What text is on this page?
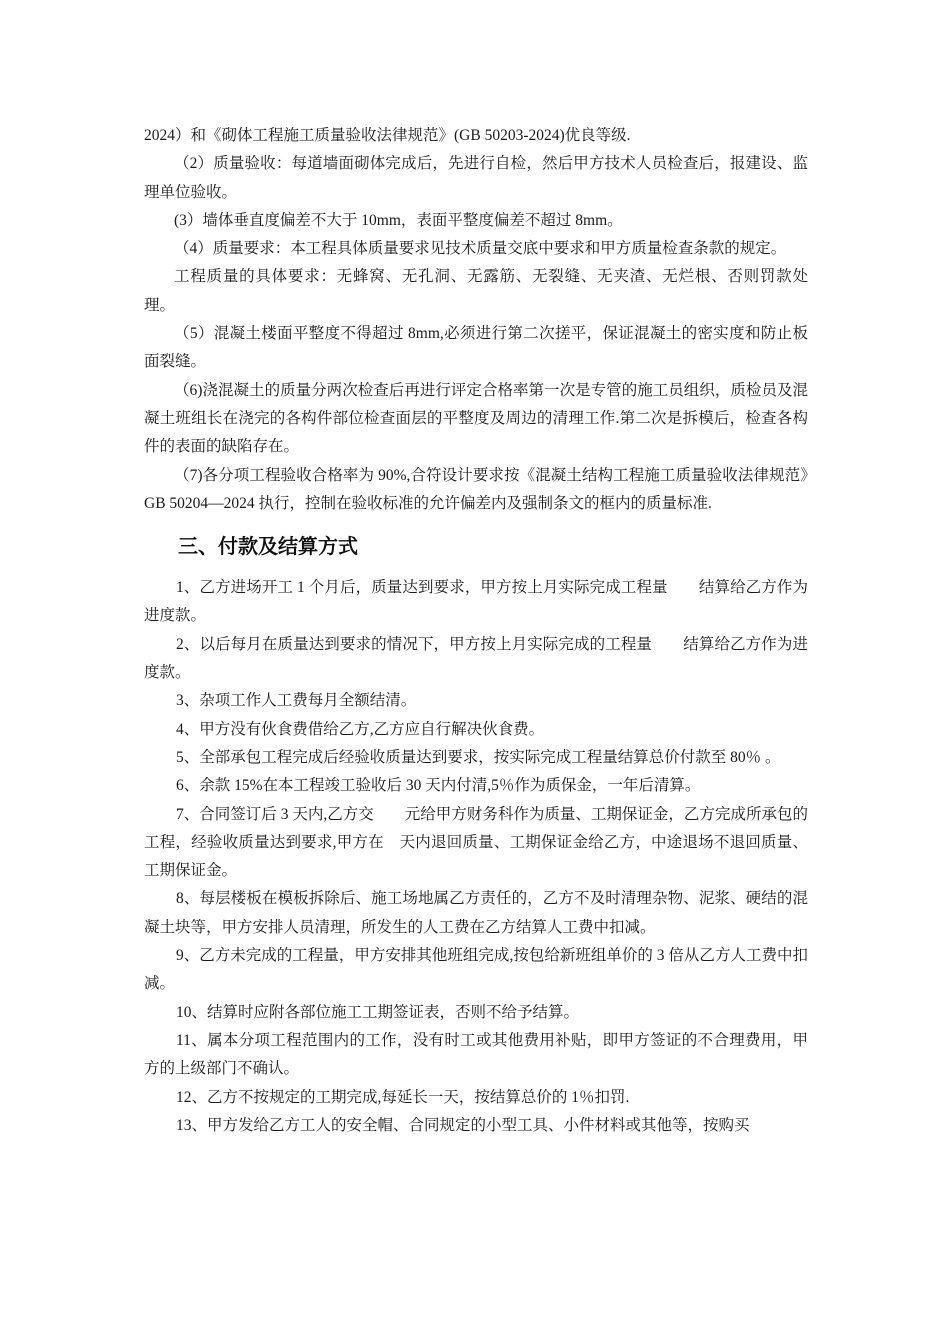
2024）和《砌体工程施工质量验收法律规范》(GB 50203-2024)优良等级.

（2）质量验收：每道墙面砌体完成后，先进行自检，然后甲方技术人员检查后，报建设、监理单位验收。

(3）墙体垂直度偏差不大于 10mm，表面平整度偏差不超过 8mm。

（4）质量要求：本工程具体质量要求见技术质量交底中要求和甲方质量检查条款的规定。

工程质量的具体要求：无蜂窝、无孔洞、无露筋、无裂缝、无夹渣、无烂根、否则罚款处理。

（5）混凝土楼面平整度不得超过 8mm,必须进行第二次搓平，保证混凝土的密实度和防止板面裂缝。

（6)浇混凝土的质量分两次检查后再进行评定合格率第一次是专管的施工员组织，质检员及混凝土班组长在浇完的各构件部位检查面层的平整度及周边的清理工作.第二次是拆模后，检查各构件的表面的缺陷存在。

（7)各分项工程验收合格率为 90%,合符设计要求按《混凝土结构工程施工质量验收法律规范》GB 50204—2024 执行，控制在验收标准的允许偏差内及强制条文的框内的质量标准.

三、付款及结算方式

1、乙方进场开工 1 个月后，质量达到要求，甲方按上月实际完成工程量　　结算给乙方作为进度款。

2、以后每月在质量达到要求的情况下，甲方按上月实际完成的工程量　　结算给乙方作为进度款。

3、杂项工作人工费每月全额结清。

4、甲方没有伙食费借给乙方,乙方应自行解决伙食费。

5、全部承包工程完成后经验收质量达到要求，按实际完成工程量结算总价付款至 80％ 。

6、余款 15%在本工程竣工验收后 30 天内付清,5％作为质保金，一年后清算。

7、合同签订后 3 天内,乙方交　　元给甲方财务科作为质量、工期保证金，乙方完成所承包的工程，经验收质量达到要求,甲方在　天内退回质量、工期保证金给乙方，中途退场不退回质量、工期保证金。

8、每层楼板在模板拆除后、施工场地属乙方责任的，乙方不及时清理杂物、泥浆、硬结的混凝土块等，甲方安排人员清理，所发生的人工费在乙方结算人工费中扣减。

9、乙方未完成的工程量，甲方安排其他班组完成,按包给新班组单价的 3 倍从乙方人工费中扣减。

10、结算时应附各部位施工工期签证表，否则不给予结算。

11、属本分项工程范围内的工作，没有时工或其他费用补贴，即甲方签证的不合理费用，甲方的上级部门不确认。

12、乙方不按规定的工期完成,每延长一天，按结算总价的 1％扣罚.

13、甲方发给乙方工人的安全帽、合同规定的小型工具、小件材料或其他等，按购买
